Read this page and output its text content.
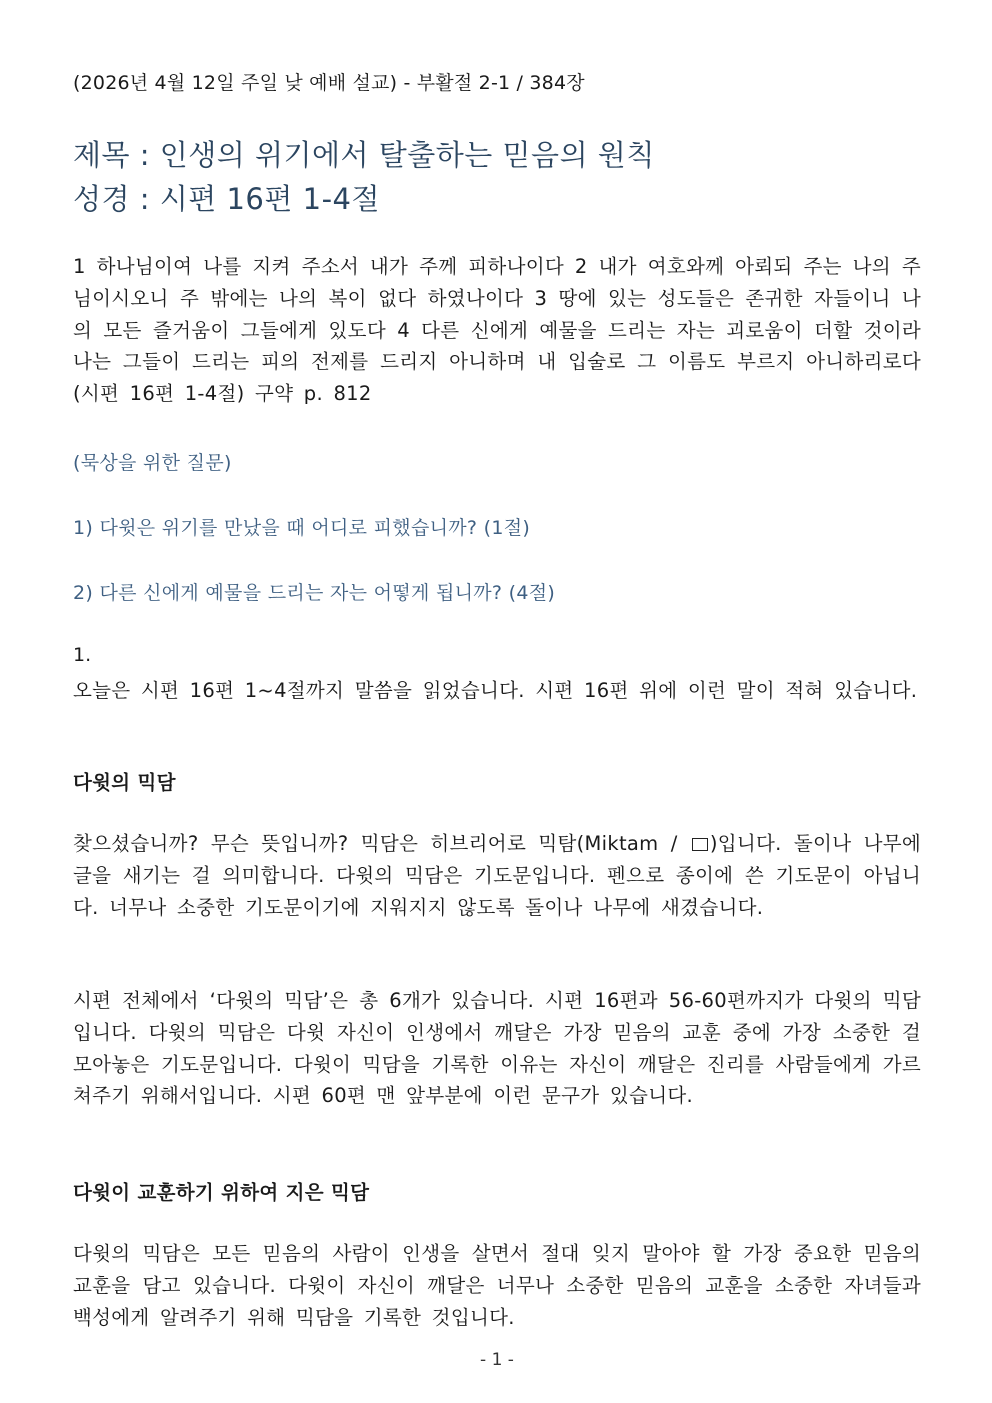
(2026년 4월 12일 주일 낮 예배 설교) - 부활절 2-1 / 384장
제목 : 인생의 위기에서 탈출하는 믿음의 원칙
성경 : 시편 16편 1-4절
1 하나님이여 나를 지켜 주소서 내가 주께 피하나이다 2 내가 여호와께 아뢰되 주는 나의 주님이시오니 주 밖에는 나의 복이 없다 하였나이다 3 땅에 있는 성도들은 존귀한 자들이니 나의 모든 즐거움이 그들에게 있도다 4 다른 신에게 예물을 드리는 자는 괴로움이 더할 것이라 나는 그들이 드리는 피의 전제를 드리지 아니하며 내 입술로 그 이름도 부르지 아니하리로다(시편 16편 1-4절) 구약 p. 812
(묵상을 위한 질문)
1) 다윗은 위기를 만났을 때 어디로 피했습니까? (1절)
2) 다른 신에게 예물을 드리는 자는 어떻게 됩니까? (4절)
1.
오늘은 시편 16편 1~4절까지 말씀을 읽었습니다. 시편 16편 위에 이런 말이 적혀 있습니다.
다윗의 믹담
찾으셨습니까? 무슨 뜻입니까? 믹담은 히브리어로 믹탐(Miktam / )입니다. 돌이나 나무에 글을 새기는 걸 의미합니다. 다윗의 믹담은 기도문입니다. 펜으로 종이에 쓴 기도문이 아닙니다. 너무나 소중한 기도문이기에 지워지지 않도록 돌이나 나무에 새겼습니다.
시편 전체에서 ‘다윗의 믹담’은 총 6개가 있습니다. 시편 16편과 56-60편까지가 다윗의 믹담입니다. 다윗의 믹담은 다윗 자신이 인생에서 깨달은 가장 믿음의 교훈 중에 가장 소중한 걸 모아놓은 기도문입니다. 다윗이 믹담을 기록한 이유는 자신이 깨달은 진리를 사람들에게 가르쳐주기 위해서입니다. 시편 60편 맨 앞부분에 이런 문구가 있습니다.
다윗이 교훈하기 위하여 지은 믹담
다윗의 믹담은 모든 믿음의 사람이 인생을 살면서 절대 잊지 말아야 할 가장 중요한 믿음의 교훈을 담고 있습니다. 다윗이 자신이 깨달은 너무나 소중한 믿음의 교훈을 소중한 자녀들과 백성에게 알려주기 위해 믹담을 기록한 것입니다.
- 1 -
